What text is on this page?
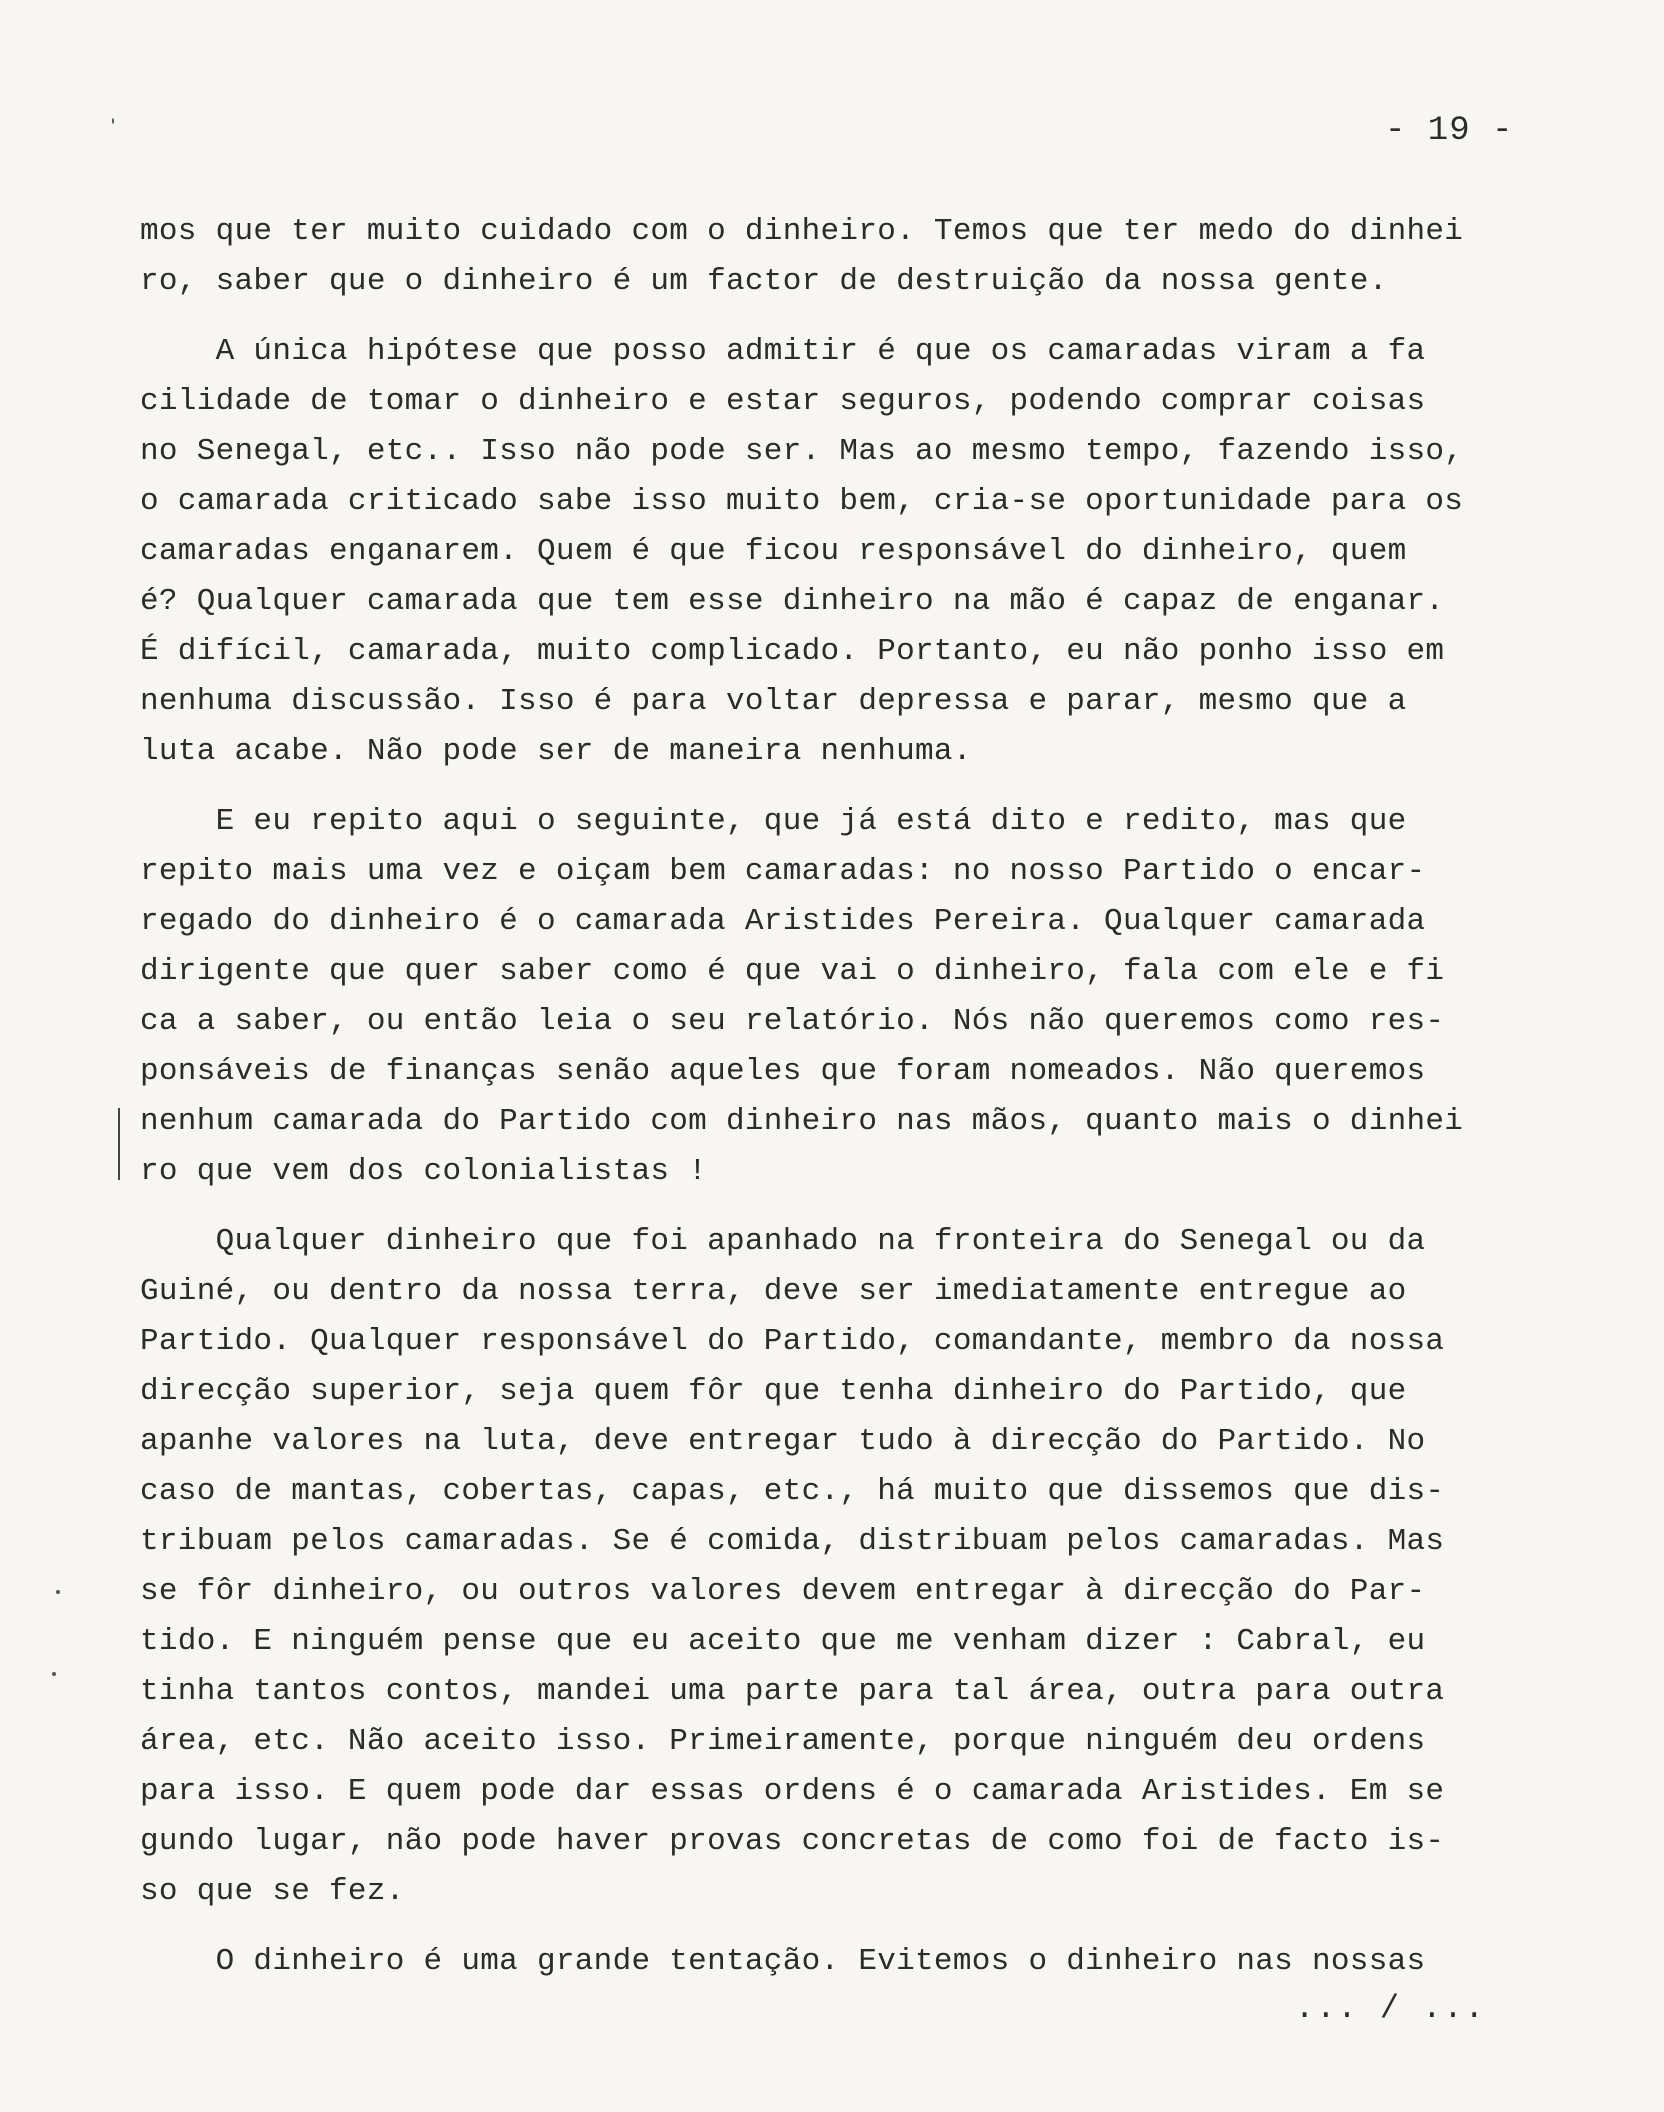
- 19 -
mos que ter muito cuidado com o dinheiro. Temos que ter medo do dinhei
ro, saber que o dinheiro é um factor de destruição da nossa gente.
A única hipótese que posso admitir é que os camaradas viram a fa
cilidade de tomar o dinheiro e estar seguros, podendo comprar coisas
no Senegal, etc.. Isso não pode ser. Mas ao mesmo tempo, fazendo isso,
o camarada criticado sabe isso muito bem, cria-se oportunidade para os
camaradas enganarem. Quem é que ficou responsável do dinheiro, quem
é? Qualquer camarada que tem esse dinheiro na mão é capaz de enganar.
É difícil, camarada, muito complicado. Portanto, eu não ponho isso em
nenhuma discussão. Isso é para voltar depressa e parar, mesmo que a
luta acabe. Não pode ser de maneira nenhuma.
E eu repito aqui o seguinte, que já está dito e redito, mas que
repito mais uma vez e oiçam bem camaradas: no nosso Partido o encar-
regado do dinheiro é o camarada Aristides Pereira. Qualquer camarada
dirigente que quer saber como é que vai o dinheiro, fala com ele e fi
ca a saber, ou então leia o seu relatório. Nós não queremos como res-
ponsáveis de finanças senão aqueles que foram nomeados. Não queremos
nenhum camarada do Partido com dinheiro nas mãos, quanto mais o dinhei
ro que vem dos colonialistas !
Qualquer dinheiro que foi apanhado na fronteira do Senegal ou da
Guiné, ou dentro da nossa terra, deve ser imediatamente entregue ao
Partido. Qualquer responsável do Partido, comandante, membro da nossa
direcção superior, seja quem fôr que tenha dinheiro do Partido, que
apanhe valores na luta, deve entregar tudo à direcção do Partido. No
caso de mantas, cobertas, capas, etc., há muito que dissemos que dis-
tribuam pelos camaradas. Se é comida, distribuam pelos camaradas. Mas
se fôr dinheiro, ou outros valores devem entregar à direcção do Par-
tido. E ninguém pense que eu aceito que me venham dizer : Cabral, eu
tinha tantos contos, mandei uma parte para tal área, outra para outra
área, etc. Não aceito isso. Primeiramente, porque ninguém deu ordens
para isso. E quem pode dar essas ordens é o camarada Aristides. Em se
gundo lugar, não pode haver provas concretas de como foi de facto is-
so que se fez.
O dinheiro é uma grande tentação. Evitemos o dinheiro nas nossas
... / ...
